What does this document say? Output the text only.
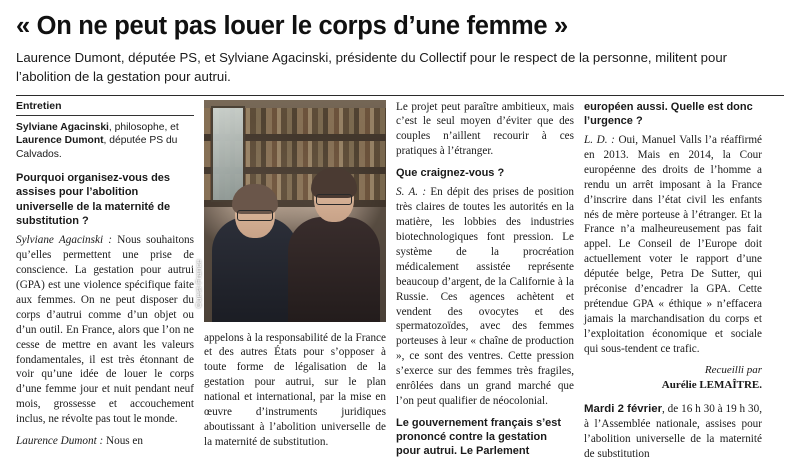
« On ne peut pas louer le corps d’une femme »
Laurence Dumont, députée PS, et Sylviane Agacinski, présidente du Collectif pour le respect de la personne, militent pour l’abolition de la gestation pour autrui.
Entretien
Sylviane Agacinski, philosophe, et
Laurence Dumont, députée PS du Calvados.
Pourquoi organisez-vous des assises pour l’abolition universelle de la maternité de substitution ?

Sylviane Agacinski : Nous souhaitons qu’elles permettent une prise de conscience. La gestation pour autrui (GPA) est une violence spécifique faite aux femmes. On ne peut disposer du corps d’autrui comme d’un objet ou d’un outil. En France, alors que l’on ne cesse de mettre en avant les valeurs fondamentales, il est très étonnant de voir qu’une idée de louer le corps d’une femme jour et nuit pendant neuf mois, grossesse et accouchement inclus, ne révolte pas tout le monde.

Laurence Dumont : Nous en

Ouest-France

appelons à la responsabilité de la France et des autres États pour s’opposer à toute forme de légalisation de la gestation pour autrui, sur le plan national et international, par la mise en œuvre d’instruments juridiques aboutissant à l’abolition universelle de la maternité de substitution.

Le projet peut paraître ambitieux, mais c’est le seul moyen d’éviter que des couples n’aillent recourir à ces pratiques à l’étranger.

Que craignez-vous ?

S. A. : En dépit des prises de position très claires de toutes les autorités en la matière, les lobbies des industries biotechnologiques font pression. Le système de la procréation médicalement assistée représente beaucoup d’argent, de la Californie à la Russie. Ces agences achètent et vendent des ovocytes et des spermatozoïdes, avec des femmes porteuses à leur « chaîne de production », ce sont des ventres. Cette pression s’exerce sur des femmes très fragiles, enrôlées dans un grand marché que l’on peut qualifier de néocolonial.

Le gouvernement français s’est prononcé contre la gestation pour autrui. Le Parlement
européen aussi. Quelle est donc l’urgence ?

L. D. : Oui, Manuel Valls l’a réaffirmé en 2013. Mais en 2014, la Cour européenne des droits de l’homme a rendu un arrêt imposant à la France d’inscrire dans l’état civil les enfants nés de mère porteuse à l’étranger. Et la France n’a malheureusement pas fait appel. Le Conseil de l’Europe doit actuellement voter le rapport d’une députée belge, Petra De Sutter, qui préconise d’encadrer la GPA. Cette prétendue GPA « éthique » n’effacera jamais la marchandisation du corps et l’exploitation économique et sociale qui sous-tendent ce trafic.

Recueilli par
Aurélie LEMAÎTRE.
Mardi 2 février, de 16 h 30 à 19 h 30, à l’Assemblée nationale, assises pour l’abolition universelle de la maternité de substitution
